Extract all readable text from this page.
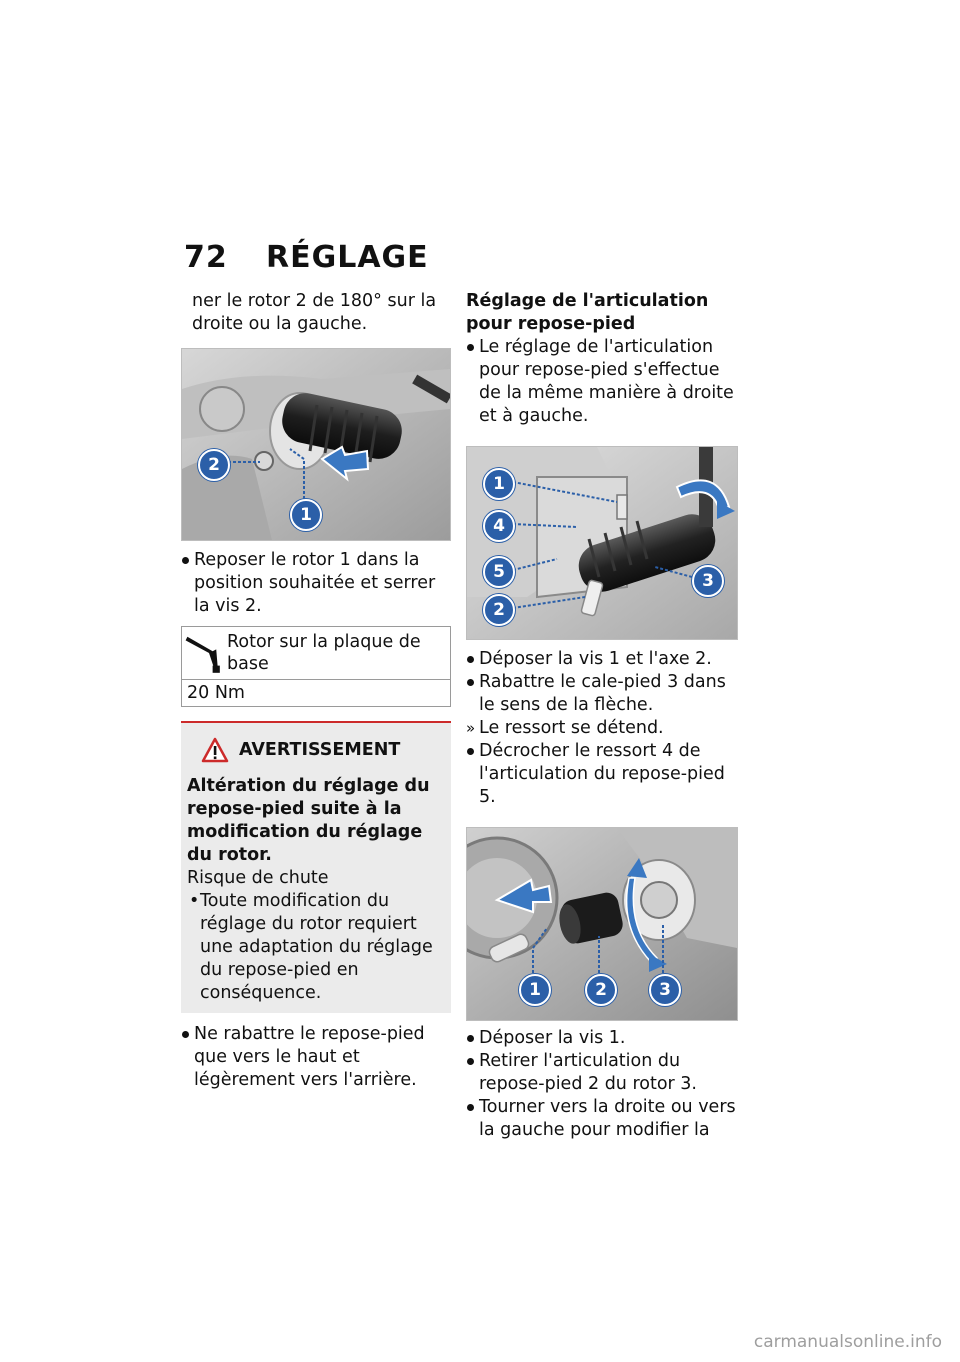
72	RÉGLAGE

ner le rotor 2 de 180° sur la droite ou la gauche.

2
1
Reposer le rotor 1 dans la position souhaitée et serrer la vis 2.
Rotor sur la plaque de base
20 Nm
AVERTISSEMENT
Altération du réglage du repose-pied suite à la modification du réglage du rotor.
Risque de chute
• Toute modification du réglage du rotor requiert une adaptation du réglage du repose-pied en conséquence.
Ne rabattre le repose-pied que vers le haut et légèrement vers l'arrière.
Réglage de l'articulation pour repose-pied
Le réglage de l'articulation pour repose-pied s'effectue de la même manière à droite et à gauche.
1
4
5
2
3
Déposer la vis 1 et l'axe 2.
Rabattre le cale-pied 3 dans le sens de la flèche.
» Le ressort se détend.
Décrocher le ressort 4 de l'articulation du repose-pied 5.
1	2	3
Déposer la vis 1.
Retirer l'articulation du repose-pied 2 du rotor 3.
Tourner vers la droite ou vers la gauche pour modifier la
carmanualsonline.info
